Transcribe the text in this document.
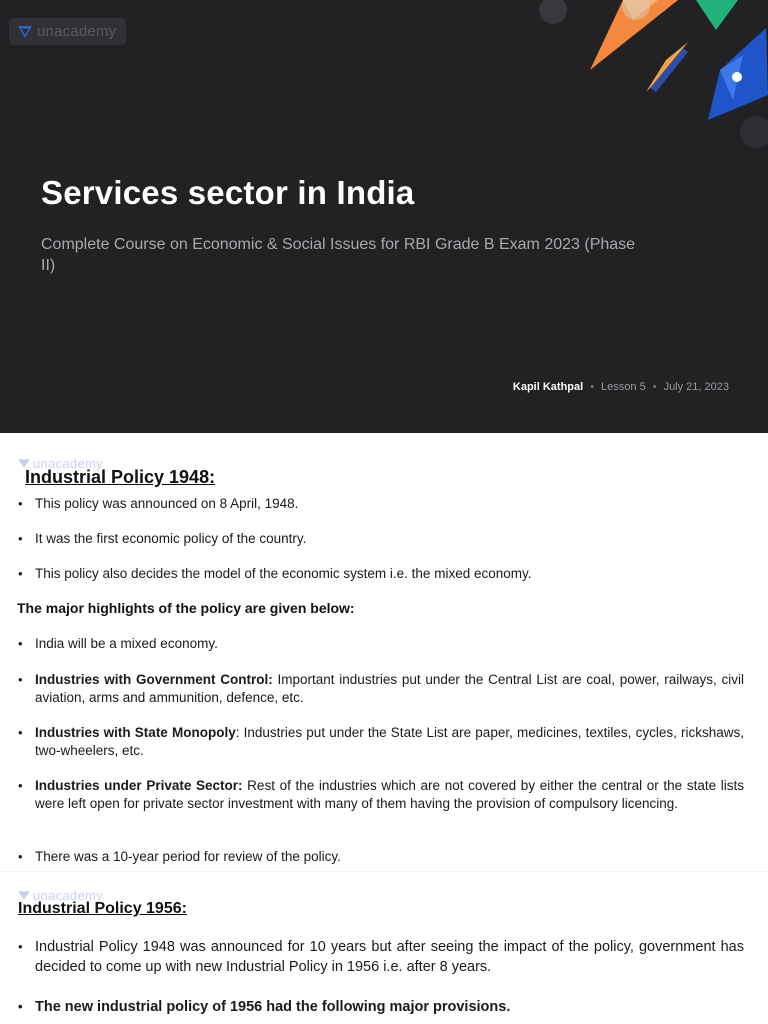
unacademy
Services sector in India
Complete Course on Economic & Social Issues for RBI Grade B Exam 2023 (Phase II)
Kapil Kathpal • Lesson 5 • July 21, 2023
unacademy
Industrial Policy 1948:
• This policy was announced on 8 April, 1948.
• It was the first economic policy of the country.
• This policy also decides the model of the economic system i.e. the mixed economy.
The major highlights of the policy are given below:
• India will be a mixed economy.
• Industries with Government Control: Important industries put under the Central List are coal, power, railways, civil aviation, arms and ammunition, defence, etc.
• Industries with State Monopoly: Industries put under the State List are paper, medicines, textiles, cycles, rickshaws, two-wheelers, etc.
• Industries under Private Sector: Rest of the industries which are not covered by either the central or the state lists were left open for private sector investment with many of them having the provision of compulsory licencing.
• There was a 10-year period for review of the policy.
unacademy
Industrial Policy 1956:
• Industrial Policy 1948 was announced for 10 years but after seeing the impact of the policy, government has decided to come up with new Industrial Policy in 1956 i.e. after 8 years.
• The new industrial policy of 1956 had the following major provisions.
